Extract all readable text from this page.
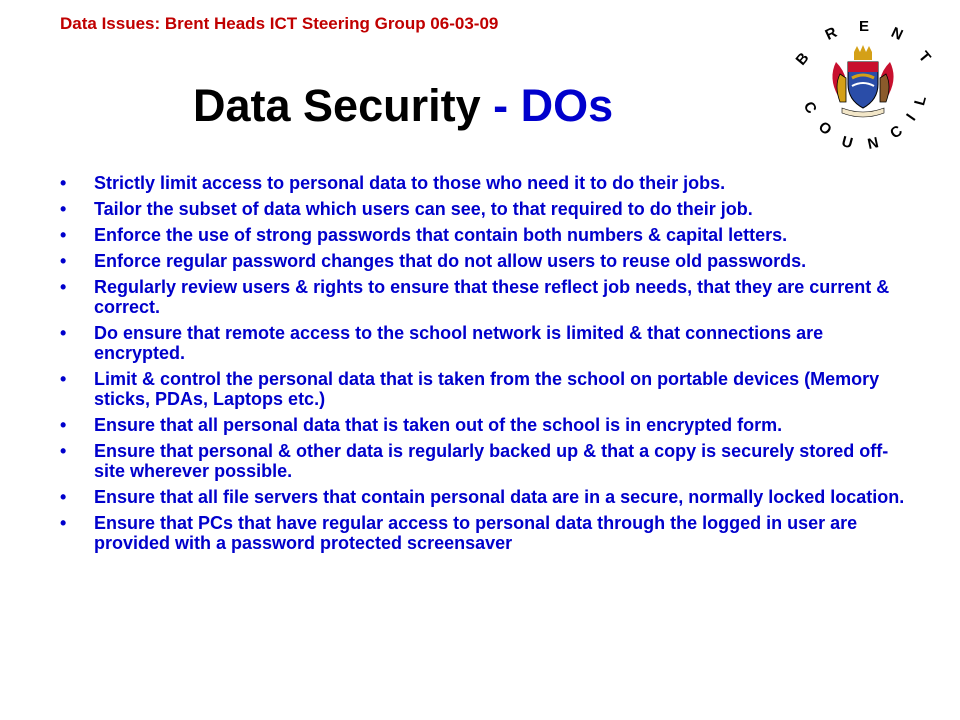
Data Issues: Brent Heads ICT Steering Group 06-03-09
Data Security - DOs
B
R E N
T
C
O
U N
C
I
L
• Strictly limit access to personal data to those who need it to do their jobs.
• Tailor the subset of data which users can see, to that required to do their job.
• Enforce the use of strong passwords that contain both numbers & capital letters.
• Enforce regular password changes that do not allow users to reuse old passwords.
• Regularly review users & rights to ensure that these reflect job needs, that they are current & correct.
• Do ensure that remote access to the school network is limited & that connections are encrypted.
• Limit & control the personal data that is taken from the school on portable devices (Memory sticks, PDAs, Laptops etc.)
• Ensure that all personal data that is taken out of the school is in encrypted form.
• Ensure that personal & other data is regularly backed up & that a copy is securely stored off-site wherever possible.
• Ensure that all file servers that contain personal data are in a secure, normally locked location.
• Ensure that PCs that have regular access to personal data through the logged in user are provided with a password protected screensaver
